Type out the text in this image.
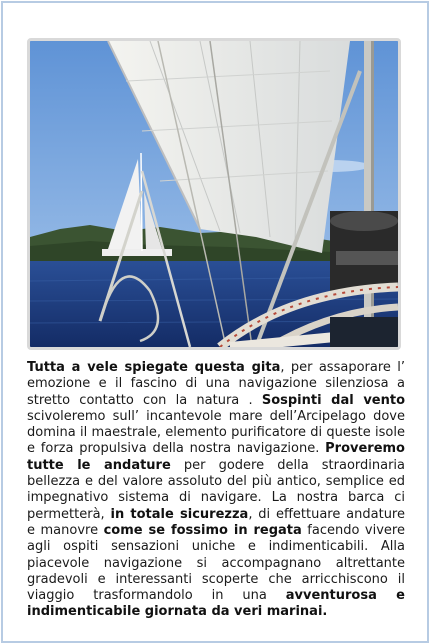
Tutta a vele spiegate questa gita, per assaporare l’ emozione e il fascino di una navigazione silenziosa a stretto contatto con la natura . Sospinti dal vento scivoleremo sull’ incantevole mare dell’Arcipelago dove domina il maestrale, elemento purificatore di queste isole e forza propulsiva della nostra navigazione. Proveremo tutte le andature per godere della straordinaria bellezza e del valore assoluto del più antico, semplice ed impegnativo sistema di navigare. La nostra barca ci permetterà, in totale sicurezza, di effettuare andature e manovre come se fossimo in regata facendo vivere agli ospiti sensazioni uniche e indimenticabili. Alla piacevole navigazione si accompagnano altrettante gradevoli e interessanti scoperte che arricchiscono il viaggio trasformandolo in una avventurosa e indimenticabile giornata da veri marinai.
